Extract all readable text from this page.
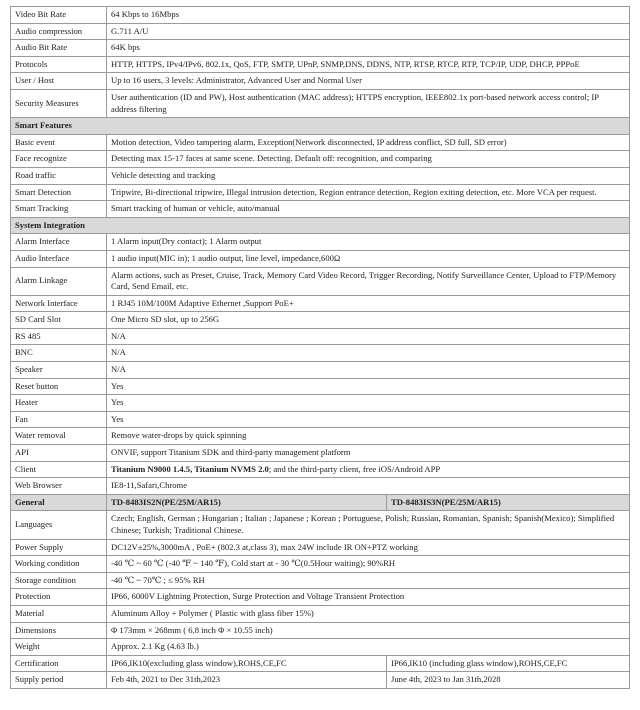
Video Bit Rate	64 Kbps to 16Mbps	
Audio compression	G.711 A/U	
Audio Bit Rate	64K bps	
Protocols	HTTP, HTTPS, IPv4/IPv6, 802.1x, QoS, FTP, SMTP, UPnP, SNMP,DNS, DDNS, NTP, RTSP, RTCP, RTP, TCP/IP, UDP, DHCP, PPPoE	
User / Host	Up to 16 users, 3 levels: Administrator, Advanced User and Normal User	
Security Measures	User authentication (ID and PW), Host authentication (MAC address); HTTPS encryption, IEEE802.1x port-based network access control; IP address filtering	
Smart Features		
Basic event	Motion detection, Video tampering alarm, Exception(Network disconnected, IP address conflict, SD full, SD error)	
Face recognize	Detecting max 15-17 faces at same scene. Detecting. Default off: recognition, and comparing	
Road traffic	Vehicle detecting and tracking	
Smart Detection	Tripwire, Bi-directional tripwire, Illegal intrusion detection, Region entrance detection, Region exiting detection, etc. More VCA per request.	
Smart Tracking	Smart tracking of human or vehicle, auto/manual	
System Integration		
Alarm Interface	1 Alarm input(Dry contact); 1 Alarm output	
Audio Interface	1 audio input(MIC in); 1 audio output, line level, impedance,600Ω	
Alarm Linkage	Alarm actions, such as Preset, Cruise, Track, Memory Card Video Record, Trigger Recording, Notify Surveillance Center, Upload to FTP/Memory Card, Send Email, etc.	
Network Interface	1 RJ45 10M/100M Adaptive Ethernet ,Support PoE+	
SD Card Slot	One Micro SD slot, up to 256G	
RS 485	N/A	
BNC	N/A	
Speaker	N/A	
Reset button	Yes	
Heater	Yes	
Fan	Yes	
Water removal	Remove water-drops by quick spinning	
API	ONVIF, support Titanium SDK and third-party management platform	
Client	Titanium N9000 1.4.5, Titanium NVMS 2.0; and the third-party client, free iOS/Android APP	
Web Browser	IE8-11,Safari,Chrome	
General	TD-8483IS2N(PE/25M/AR15)	TD-8483IS3N(PE/25M/AR15)
Languages	Czech; English, German ; Hungarian ; Italian ; Japanese ; Korean ; Portuguese, Polish; Russian, Romanian, Spanish; Spanish(Mexico); Simplified Chinese; Turkish; Traditional Chinese.	
Power Supply	DC12V±25%,3000mA , PoE+ (802.3 at,class 3), max 24W include IR ON+PTZ working	
Working condition	-40 ℃ ~ 60 ℃ (-40 ℉ ~ 140 ℉), Cold start at - 30 ℃(0.5Hour waiting); 90%RH	
Storage condition	-40 ℃ ~ 70℃ ; ≤ 95% RH	
Protection	IP66, 6000V Lightning Protection, Surge Protection and Voltage Transient Protection	
Material	Aluminum Alloy + Polymer ( Plastic with glass fiber 15%)	
Dimensions	Φ 173mm × 268mm ( 6.8 inch Φ × 10.55 inch)	
Weight	Approx. 2.1 Kg (4.63 lb.)	
Certification	IP66,IK10(excluding glass window),ROHS,CE,FC	IP66,IK10 (including glass window),ROHS,CE,FC
Supply period	Feb 4th, 2021 to Dec 31th,2023	June 4th, 2023 to Jan 31th,2028
